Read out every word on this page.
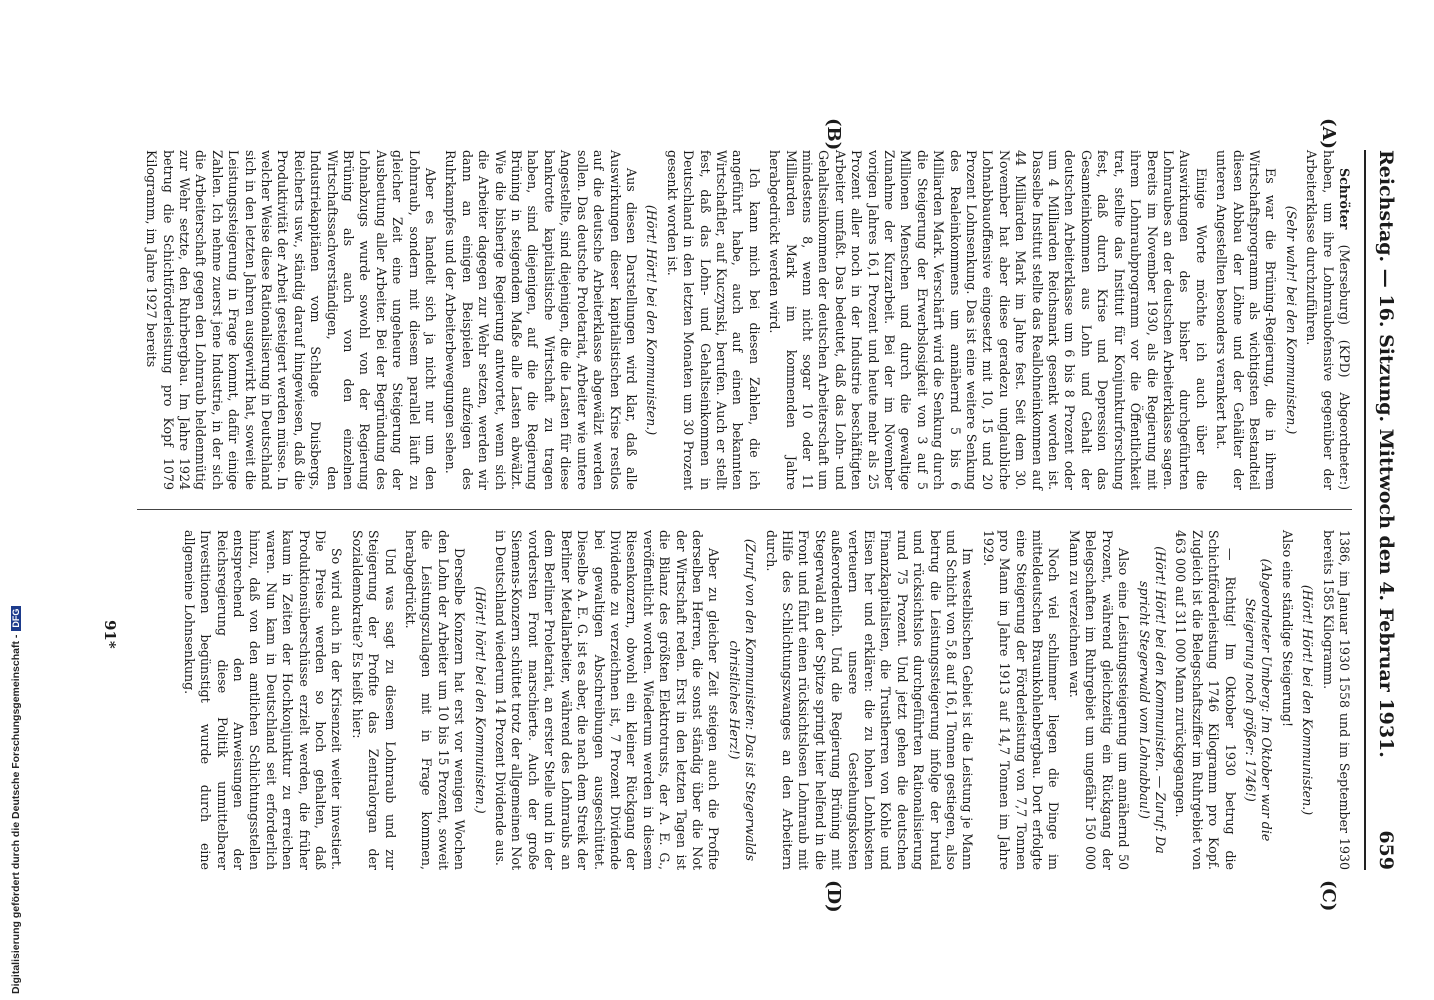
Reichstag. — 16. Sitzung. Mittwoch den 4. Februar 1931.
659
(A)
(B)
(C)
(D)

Schröter (Merseburg) (KPD) Abgeordneter:) haben, um ihre Lohnraubofensive gegenüber der Arbeiterklasse durchzuführen.

(Sehr wahr! bei den Kommunisten.)

Es war die Brüning-Regierung, die in ihrem Wirtschaftsprogramm als wichtigsten Bestandteil diesen Abbau der Löhne und der Gehälter der unteren Angestellten besonders verankert hat.

Einige Worte möchte ich auch über die Auswirkungen des bisher durchgeführten Lohnraubes an der deutschen Arbeiterklasse sagen. Bereits im November 1930, als die Regierung mit ihrem Lohnraubprogramm vor die Öffentlichkeit trat, stellte das Institut für Konjunkturforschung fest, daß durch Krise und Depression das Gesamteinkommen aus Lohn und Gehalt der deutschen Arbeiterklasse um 6 bis 8 Prozent oder um 4 Milliarden Reichsmark gesenkt worden ist. Dasselbe Institut stellte das Reallohneinkommen auf 44 Milliarden Mark im Jahre fest. Seit dem 30. November hat aber diese geradezu unglaubliche Lohnabbauoffensive eingesetzt mit 10, 15 und 20 Prozent Lohnsenkung. Das ist eine weitere Senkung des Realeinkommens um annähernd 5 bis 6 Milliarden Mark. Verschärft wird die Senkung durch die Steigerung der Erwerbslosigkeit von 3 auf 5 Millionen Menschen und durch die gewaltige Zunahme der Kurzarbeit. Bei der im November vorigen Jahres 16,1 Prozent und heute mehr als 25 Prozent aller noch in der Industrie beschäftigten Arbeiter umfaßt. Das bedeutet, daß das Lohn- und Gehaltseinkommen der deutschen Arbeiterschaft um mindestens 8, wenn nicht sogar 10 oder 11 Milliarden Mark im kommenden Jahre herabgedrückt werden wird.

Ich kann mich bei diesen Zahlen, die ich angeführt habe, auch auf einen bekannten Wirtschaftler, auf Kuczynski, berufen. Auch er stellt fest, daß das Lohn- und Gehaltseinkommen in Deutschland in den letzten Monaten um 30 Prozent gesenkt worden ist.

(Hört! Hört! bei den Kommunisten.)

Aus diesen Darstellungen wird klar, daß alle Auswirkungen dieser kapitalistischen Krise restlos auf die deutsche Arbeiterklasse abgewälzt werden sollen. Das deutsche Proletariat, Arbeiter wie untere Angestellte, sind diejenigen, die die Lasten für diese bankrotte kapitalistische Wirtschaft zu tragen haben, sind diejenigen, auf die die Regierung Brüning in steigendem Maße alle Lasten abwälzt. Wie die bisherige Regierung antwortet, wenn sich die Arbeiter dagegen zur Wehr setzen, werden wir dann an einigen Beispielen aufzeigen des Ruhrkampfes und der Arbeiterbewegungen sehen.

Aber es handelt sich ja nicht nur um den Lohnraub, sondern mit diesem parallel läuft zu gleicher Zeit eine ungeheure Steigerung der Ausbeutung aller Arbeiter. Bei der Begründung des Lohnabzugs wurde sowohl von der Regierung Brüning als auch von den einzelnen Wirtschaftssachverständigen, den Industriekapitänen vom Schlage Duisbergs, Reicherts usw., ständig darauf hingewiesen, daß die Produktivität der Arbeit gesteigert werden müsse. In welcher Weise diese Rationalisierung in Deutschland sich in den letzten Jahren ausgewirkt hat, soweit die Leistungssteigerung in Frage kommt, dafür einige Zahlen. Ich nehme zuerst jene Industrie, in der sich die Arbeiterschaft gegen den Lohnraub heldenmütig zur Wehr setzte, den Ruhrbergbau. Im Jahre 1924 betrug die Schichtförderleistung pro Kopf 1079 Kilogramm, im Jahre 1927 bereits

1386, im Januar 1930 1558 und im September 1930 bereits 1585 Kilogramm.

(Hört! Hört! bei den Kommunisten.)

Also eine ständige Steigerung!

(Abgeordneter Umberg: Im Oktober war die Steigerung noch größer: 1746!)

— Richtig! Im Oktober 1930 betrug die Schichtförderleistung 1746 Kilogramm pro Kopf. Zugleich ist die Belegschaftsziffer im Ruhrgebiet von 463 000 auf 311 000 Mann zurückgegangen.

(Hört! Hört! bei den Kommunisten. — Zuruf: Da spricht Stegerwald vom Lohnabbau!)

Also eine Leistungssteigerung um annähernd 50 Prozent, während gleichzeitig ein Rückgang der Belegschaften im Ruhrgebiet um ungefähr 150 000 Mann zu verzeichnen war.

Noch viel schlimmer liegen die Dinge im mitteldeutschen Braunkohlenbergbau. Dort erfolgte eine Steigerung der Förderleistung von 7,7 Tonnen pro Mann im Jahre 1913 auf 14,7 Tonnen im Jahre 1929.

Im westelbischen Gebiet ist die Leistung je Mann und Schicht von 5,8 auf 16,1 Tonnen gestiegen, also betrug die Leistungssteigerung infolge der brutal und rücksichtslos durchgeführten Rationalisierung rund 75 Prozent. Und jetzt gehen die deutschen Finanzkapitalisten, die Trustherren von Kohle und Eisen her und erklären: die zu hohen Lohnkosten verteuern unsere Gestehungskosten außerordentlich. Und die Regierung Brüning mit Stegerwald an der Spitze springt hier helfend in die Front und führt einen rücksichtslosen Lohnraub mit Hilfe des Schlichtungszwanges an den Arbeitern durch.

(Zuruf von den Kommunisten: Das ist Stegerwalds christliches Herz!)

Aber zu gleicher Zeit steigen auch die Profite derselben Herren, die sonst ständig über die Not der Wirtschaft reden. Erst in den letzten Tagen ist die Bilanz des größten Elektrotrusts, der A. E. G., veröffentlicht worden. Wiederum werden in diesem Riesenkonzern, obwohl ein kleiner Rückgang der Dividende zu verzeichnen ist, 7 Prozent Dividende bei gewaltigen Abschreibungen ausgeschüttet. Dieselbe A. E. G. ist es aber, die nach dem Streik der Berliner Metallarbeiter, während des Lohnraubs an dem Berliner Proletariat, an erster Stelle und in der vordersten Front marschierte. Auch der große Siemens-Konzern schüttet trotz der allgemeinen Not in Deutschland wiederum 14 Prozent Dividende aus.

(Hört! hört! bei den Kommunisten.)

Derselbe Konzern hat erst vor wenigen Wochen den Lohn der Arbeiter um 10 bis 15 Prozent, soweit die Leistungszulagen mit in Frage kommen, herabgedrückt.

Und was sagt zu diesem Lohnraub und zur Steigerung der Profite das Zentralorgan der Sozialdemokratie? Es heißt hier:

So wird auch in der Krisenzeit weiter investiert. Die Preise werden so hoch gehalten, daß Produktionsüberschüsse erzielt werden, die früher kaum in Zeiten der Hochkonjunktur zu erreichen waren. Nun kam in Deutschland seit erforderlich hinzu, daß von den amtlichen Schlichtungsstellen entsprechend den Anweisungen der Reichsregierung diese Politik unmittelbarer Investitionen begünstigt wurde durch eine allgemeine Lohnsenkung.

91*
Digitalisierung gefördert durch die Deutsche Forschungsgemeinschaft -
DFG
